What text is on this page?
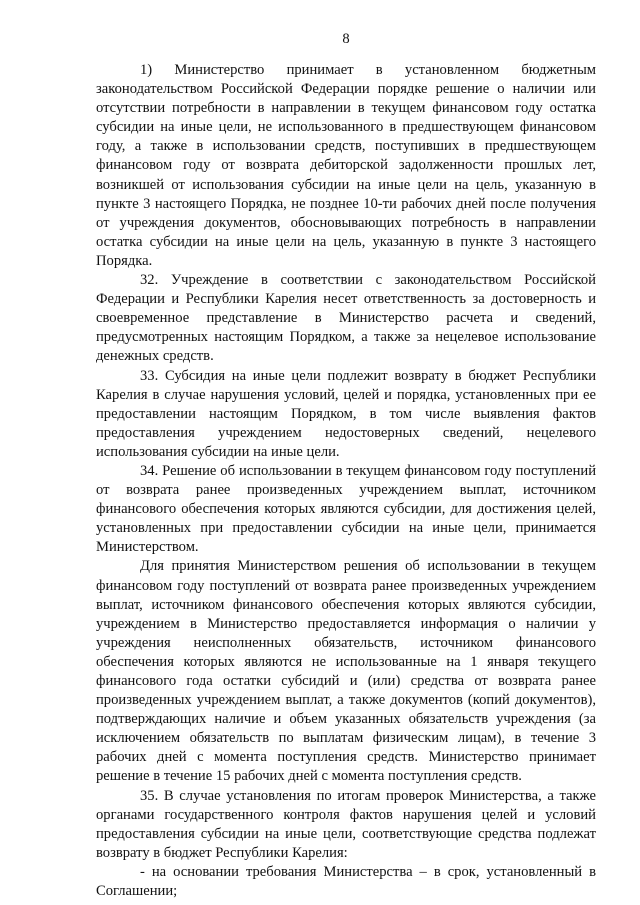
8

1) Министерство принимает в установленном бюджетным законодательством Российской Федерации порядке решение о наличии или отсутствии потребности в направлении в текущем финансовом году остатка субсидии на иные цели, не использованного в предшествующем финансовом году, а также в использовании средств, поступивших в предшествующем финансовом году от возврата дебиторской задолженности прошлых лет, возникшей от использования субсидии на иные цели на цель, указанную в пункте 3 настоящего Порядка, не позднее 10-ти рабочих дней после получения от учреждения документов, обосновывающих потребность в направлении остатка субсидии на иные цели на цель, указанную в пункте 3 настоящего Порядка.

32. Учреждение в соответствии с законодательством Российской Федерации и Республики Карелия несет ответственность за достоверность и своевременное представление в Министерство расчета и сведений, предусмотренных настоящим Порядком, а также за нецелевое использование денежных средств.

33. Субсидия на иные цели подлежит возврату в бюджет Республики Карелия в случае нарушения условий, целей и порядка, установленных при ее предоставлении настоящим Порядком, в том числе выявления фактов предоставления учреждением недостоверных сведений, нецелевого использования субсидии на иные цели.

34. Решение об использовании в текущем финансовом году поступлений от возврата ранее произведенных учреждением выплат, источником финансового обеспечения которых являются субсидии, для достижения целей, установленных при предоставлении субсидии на иные цели, принимается Министерством.

Для принятия Министерством решения об использовании в текущем финансовом году поступлений от возврата ранее произведенных учреждением выплат, источником финансового обеспечения которых являются субсидии, учреждением в Министерство предоставляется информация о наличии у учреждения неисполненных обязательств, источником финансового обеспечения которых являются не использованные на 1 января текущего финансового года остатки субсидий и (или) средства от возврата ранее произведенных учреждением выплат, а также документов (копий документов), подтверждающих наличие и объем указанных обязательств учреждения (за исключением обязательств по выплатам физическим лицам), в течение 3 рабочих дней с момента поступления средств. Министерство принимает решение в течение 15 рабочих дней с момента поступления средств.

35. В случае установления по итогам проверок Министерства, а также органами государственного контроля фактов нарушения целей и условий предоставления субсидии на иные цели, соответствующие средства подлежат возврату в бюджет Республики Карелия:

- на основании требования Министерства – в срок, установленный в Соглашении;
